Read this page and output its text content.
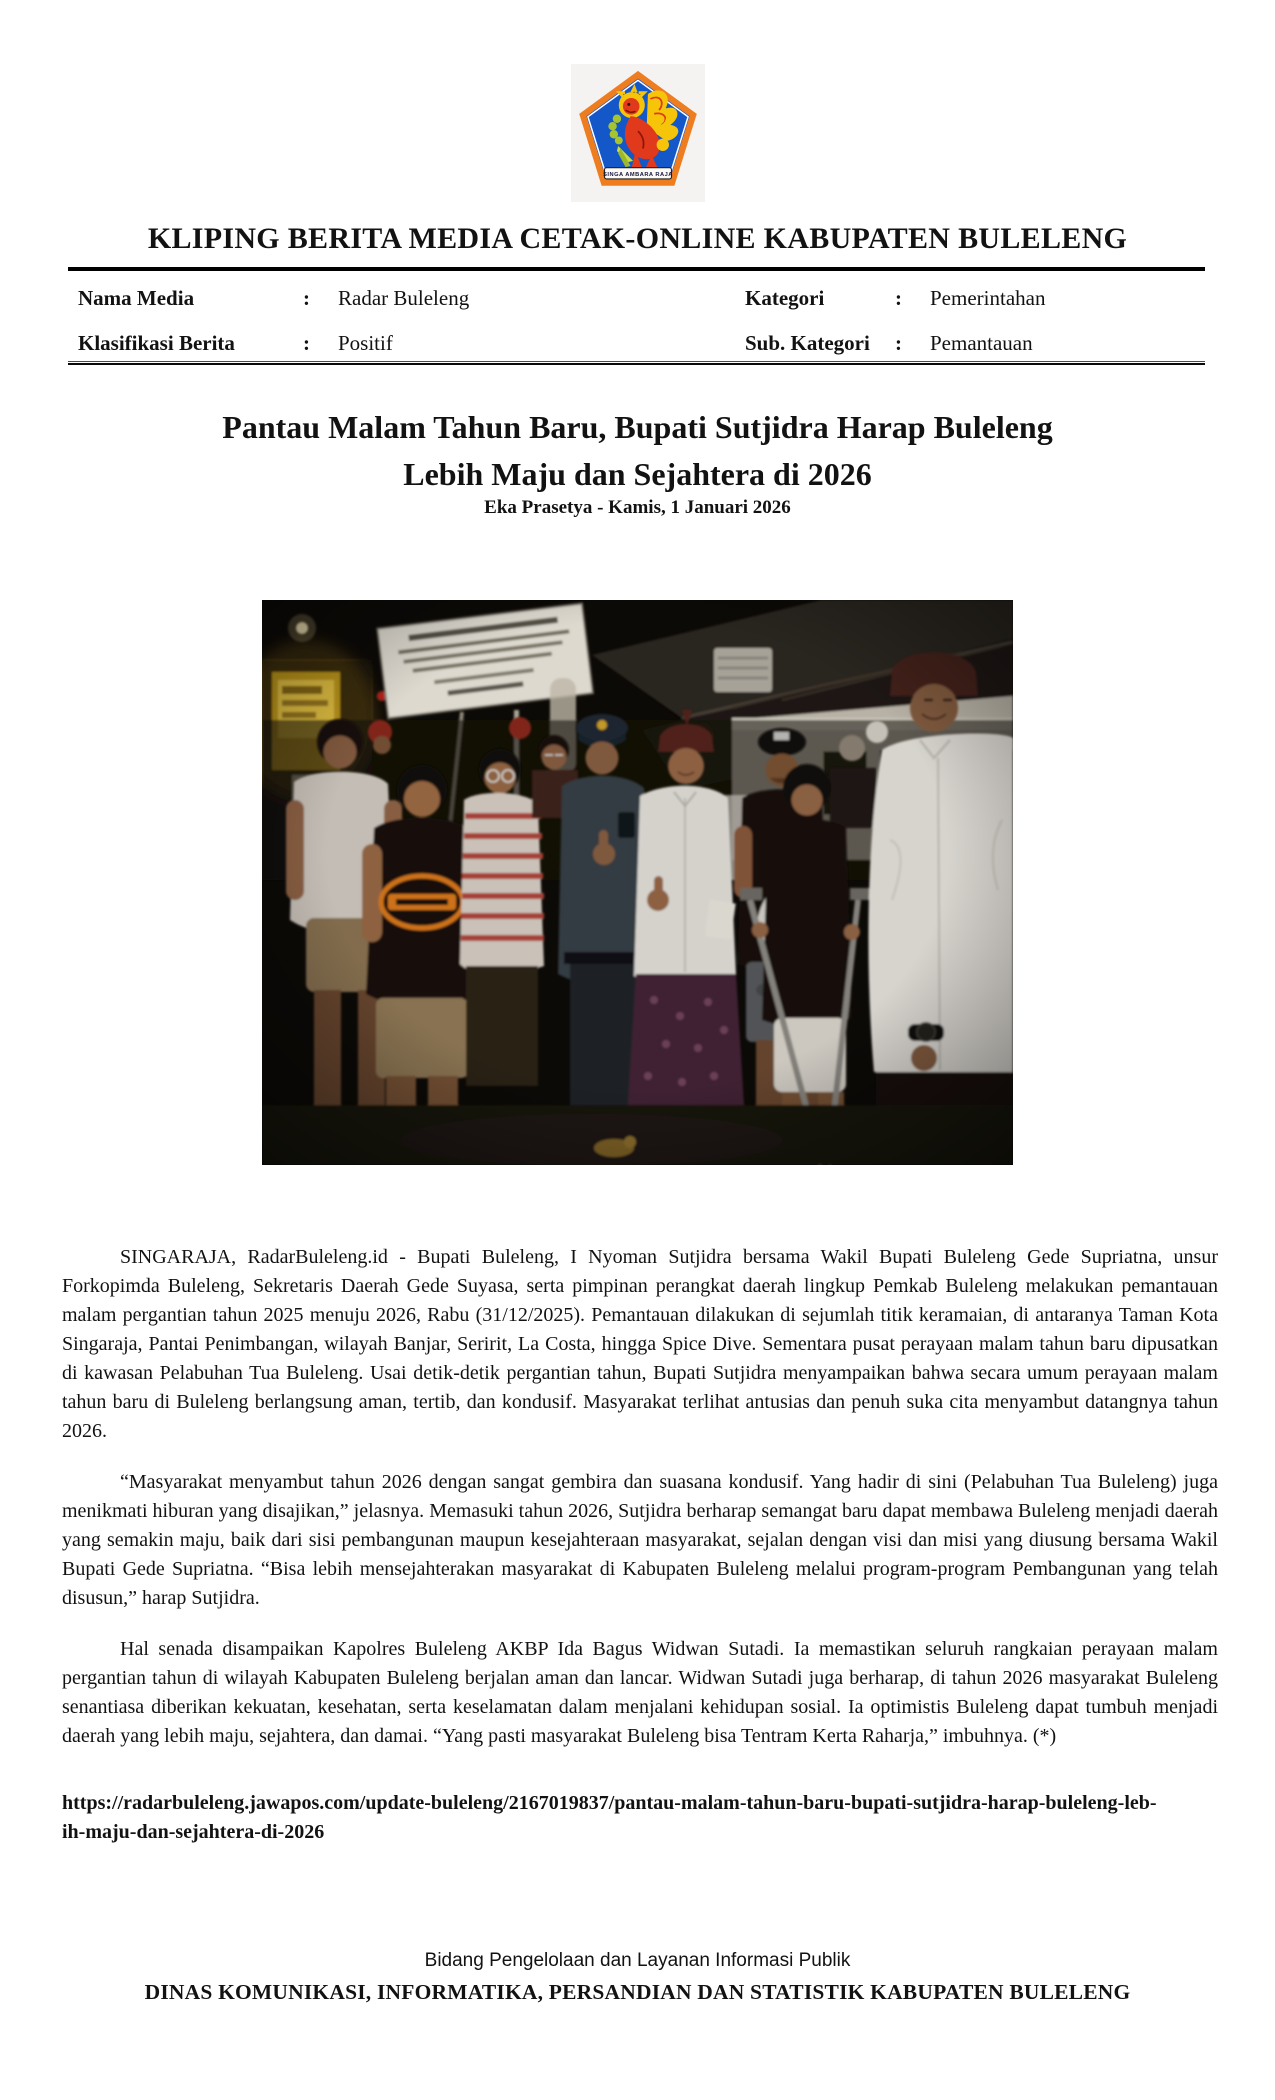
SINGA AMBARA RAJA
KLIPING BERITA MEDIA CETAK-ONLINE KABUPATEN BULELENG
Nama Media	:	Radar Buleleng	Kategori	:	Pemerintahan
Klasifikasi Berita	:	Positif	Sub. Kategori	:	Pemantauan
Pantau Malam Tahun Baru, Bupati Sutjidra Harap Buleleng
Lebih Maju dan Sejahtera di 2026
Eka Prasetya - Kamis, 1 Januari 2026

SINGARAJA, RadarBuleleng.id - Bupati Buleleng, I Nyoman Sutjidra bersama Wakil Bupati Buleleng Gede Supriatna, unsur Forkopimda Buleleng, Sekretaris Daerah Gede Suyasa, serta pimpinan perangkat daerah lingkup Pemkab Buleleng melakukan pemantauan malam pergantian tahun 2025 menuju 2026, Rabu (31/12/2025). Pemantauan dilakukan di sejumlah titik keramaian, di antaranya Taman Kota Singaraja, Pantai Penimbangan, wilayah Banjar, Seririt, La Costa, hingga Spice Dive. Sementara pusat perayaan malam tahun baru dipusatkan di kawasan Pelabuhan Tua Buleleng. Usai detik-detik pergantian tahun, Bupati Sutjidra menyampaikan bahwa secara umum perayaan malam tahun baru di Buleleng berlangsung aman, tertib, dan kondusif. Masyarakat terlihat antusias dan penuh suka cita menyambut datangnya tahun 2026.

“Masyarakat menyambut tahun 2026 dengan sangat gembira dan suasana kondusif. Yang hadir di sini (Pelabuhan Tua Buleleng) juga menikmati hiburan yang disajikan,” jelasnya. Memasuki tahun 2026, Sutjidra berharap semangat baru dapat membawa Buleleng menjadi daerah yang semakin maju, baik dari sisi pembangunan maupun kesejahteraan masyarakat, sejalan dengan visi dan misi yang diusung bersama Wakil Bupati Gede Supriatna. “Bisa lebih mensejahterakan masyarakat di Kabupaten Buleleng melalui program-program Pembangunan yang telah disusun,” harap Sutjidra.

Hal senada disampaikan Kapolres Buleleng AKBP Ida Bagus Widwan Sutadi. Ia memastikan seluruh rangkaian perayaan malam pergantian tahun di wilayah Kabupaten Buleleng berjalan aman dan lancar. Widwan Sutadi juga berharap, di tahun 2026 masyarakat Buleleng senantiasa diberikan kekuatan, kesehatan, serta keselamatan dalam menjalani kehidupan sosial. Ia optimistis Buleleng dapat tumbuh menjadi daerah yang lebih maju, sejahtera, dan damai. “Yang pasti masyarakat Buleleng bisa Tentram Kerta Raharja,” imbuhnya. (*)

https://radarbuleleng.jawapos.com/update-buleleng/2167019837/pantau-malam-tahun-baru-bupati-sutjidra-harap-buleleng-leb-
ih-maju-dan-sejahtera-di-2026
Bidang Pengelolaan dan Layanan Informasi Publik
DINAS KOMUNIKASI, INFORMATIKA, PERSANDIAN DAN STATISTIK KABUPATEN BULELENG
